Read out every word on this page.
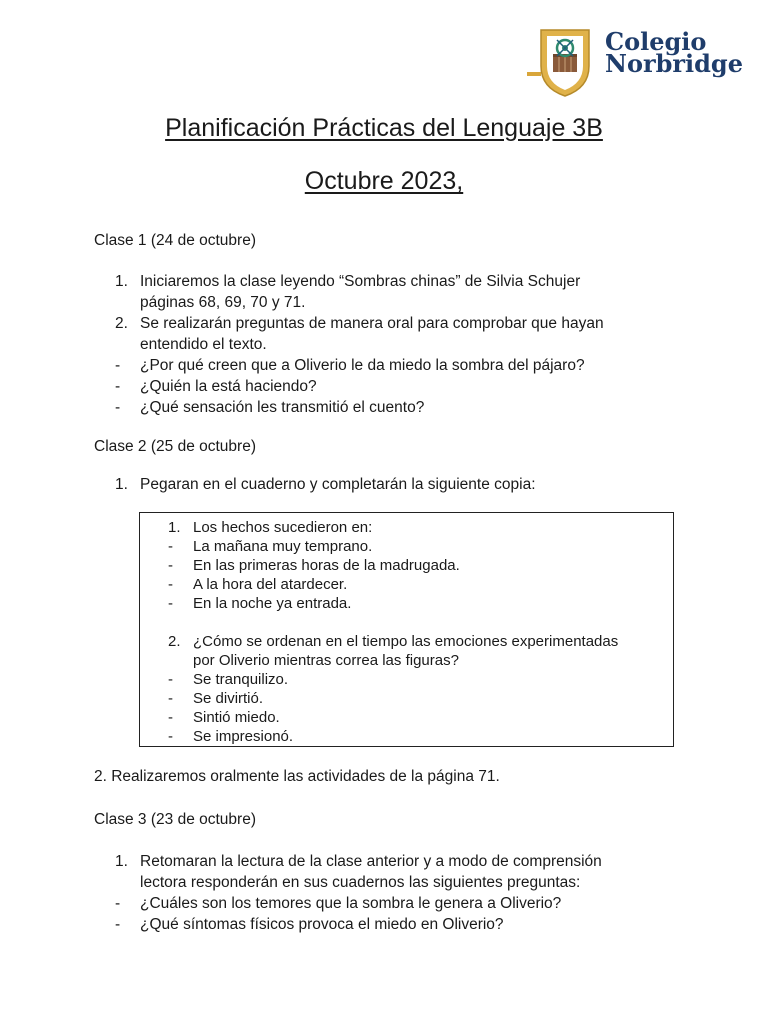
Colegio
Norbridge
Planificación Prácticas del Lenguaje 3B
Octubre 2023,
Clase 1 (24 de octubre)
1. Iniciaremos la clase leyendo “Sombras chinas” de Silvia Schujer
páginas 68, 69, 70 y 71.
2. Se realizarán preguntas de manera oral para comprobar que hayan
entendido el texto.
- ¿Por qué creen que a Oliverio le da miedo la sombra del pájaro?
- ¿Quién la está haciendo?
- ¿Qué sensación les transmitió el cuento?
Clase 2 (25 de octubre)
1. Pegaran en el cuaderno y completarán la siguiente copia:
1. Los hechos sucedieron en:
- La mañana muy temprano.
- En las primeras horas de la madrugada.
- A la hora del atardecer.
- En la noche ya entrada.
2. ¿Cómo se ordenan en el tiempo las emociones experimentadas
por Oliverio mientras correa las figuras?
- Se tranquilizo.
- Se divirtió.
- Sintió miedo.
- Se impresionó.
2. Realizaremos oralmente las actividades de la página 71.
Clase 3 (23 de octubre)
1. Retomaran la lectura de la clase anterior y a modo de comprensión
lectora responderán en sus cuadernos las siguientes preguntas:
- ¿Cuáles son los temores que la sombra le genera a Oliverio?
- ¿Qué síntomas físicos provoca el miedo en Oliverio?
